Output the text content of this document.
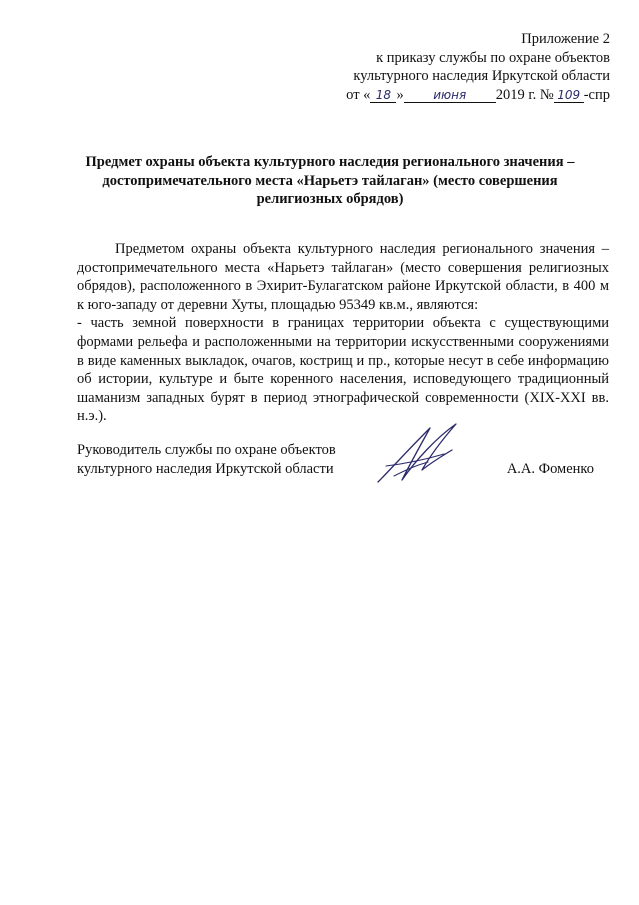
Приложение 2
к приказу службы по охране объектов
культурного наследия Иркутской области
от « 18 » июня 2019 г. № 109 -спр
Предмет охраны объекта культурного наследия регионального значения –
достопримечательного места «Нарьетэ тайлаган» (место совершения
религиозных обрядов)

Предметом охраны объекта культурного наследия регионального значения – достопримечательного места «Нарьетэ тайлаган» (место совершения религиозных обрядов), расположенного в Эхирит-Булагатском районе Иркутской области, в 400 м к юго-западу от деревни Хуты, площадью 95349 кв.м., являются:

- часть земной поверхности в границах территории объекта с существующими формами рельефа и расположенными на территории искусственными сооружениями в виде каменных выкладок, очагов, кострищ и пр., которые несут в себе информацию об истории, культуре и быте коренного населения, исповедующего традиционный шаманизм западных бурят в период этнографической современности (XIX-XXI вв. н.э.).

Руководитель службы по охране объектов
культурного наследия Иркутской области	А.А. Фоменко
